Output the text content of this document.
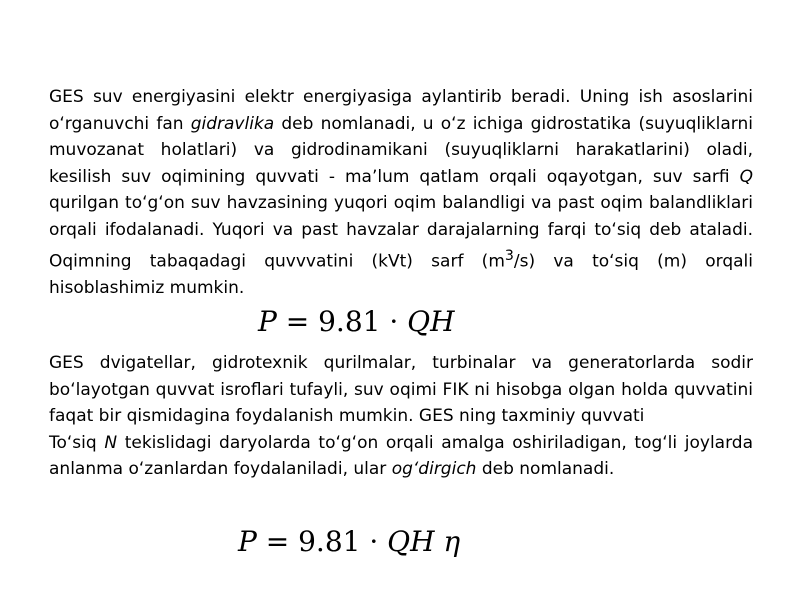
GES suv energiyasini elektr energiyasiga aylantirib beradi. Uning ish asoslarini oʻrganuvchi fan gidravlika deb nomlanadi, u oʻz ichiga gidrostatika (suyuqliklarni muvozanat holatlari) va gidrodinamikani (suyuqliklarni harakatlarini) oladi, kesilish suv oqimining quvvati - maʼlum qatlam orqali oqayotgan, suv sarfi Q qurilgan toʻgʻon suv havzasining yuqori oqim balandligi va past oqim balandliklari orqali ifodalanadi. Yuqori va past havzalar darajalarning farqi toʻsiq deb ataladi. Oqimning tabaqadagi quvvvatini (kVt) sarf $(m^3/s)$ va toʻsiq (m) orqali hisoblashimiz mumkin.

P = 9.81 · QH

GES dvigatellar, gidrotexnik qurilmalar, turbinalar va generatorlarda sodir boʻlayotgan quvvat isroflari tufayli, suv oqimi FIK ni hisobga olgan holda quvvatini faqat bir qismidagina foydalanish mumkin. GES ning taxminiy quvvati
Toʻsiq N tekislidagi daryolarda toʻgʻon orqali amalga oshiriladigan, togʻli joylarda anlanma oʻzanlardan foydalaniladi, ular ogʻdirgich deb nomlanadi.

P = 9.81 · QH η
